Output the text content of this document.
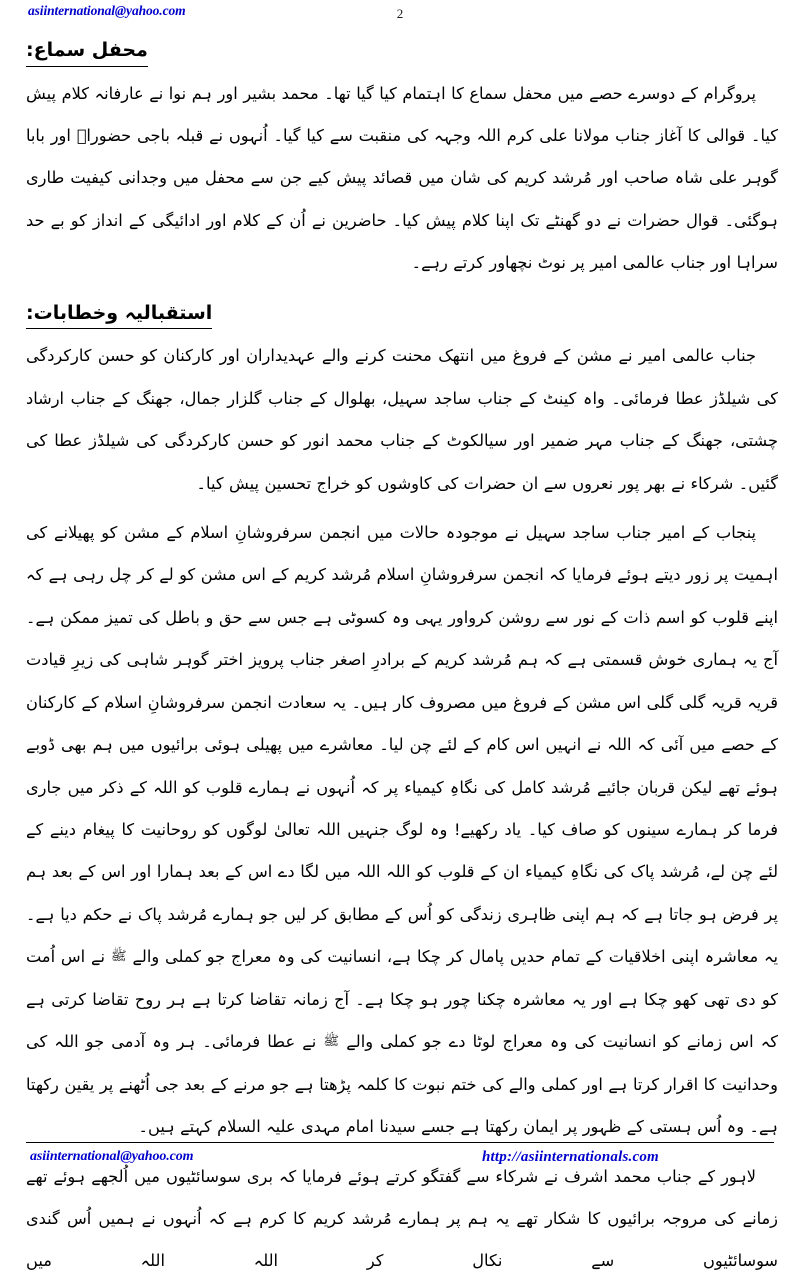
asiinternational@yahoo.com	2
محفل سماع:

پروگرام کے دوسرے حصے میں محفل سماع کا اہتمام کیا گیا تھا۔ محمد بشیر اور ہم نوا نے عارفانہ کلام پیش کیا۔ قوالی کا آغاز جناب مولانا علی کرم اللہ وجہہ کی منقبت سے کیا گیا۔ اُنہوں نے قبلہ باجی حضوراؐ اور بابا گوہر علی شاہ صاحب اور مُرشد کریم کی شان میں قصائد پیش کیے جن سے محفل میں وجدانی کیفیت طاری ہوگئی۔ قوال حضرات نے دو گھنٹے تک اپنا کلام پیش کیا۔ حاضرین نے اُن کے کلام اور ادائیگی کے انداز کو بے حد سراہا اور جناب عالمی امیر پر نوٹ نچھاور کرتے رہے۔

استقبالیہ وخطابات:

جناب عالمی امیر نے مشن کے فروغ میں انتھک محنت کرنے والے عہدیداران اور کارکنان کو حسن کارکردگی کی شیلڈز عطا فرمائی۔ واہ کینٹ کے جناب ساجد سہیل، بھلوال کے جناب گلزار جمال، جھنگ کے جناب ارشاد چشتی، جھنگ کے جناب مہر ضمیر اور سیالکوٹ کے جناب محمد انور کو حسن کارکردگی کی شیلڈز عطا کی گئیں۔ شرکاء نے بھر پور نعروں سے ان حضرات کی کاوشوں کو خراج تحسین پیش کیا۔

پنجاب کے امیر جناب ساجد سہیل نے موجودہ حالات میں انجمن سرفروشانِ اسلام کے مشن کو پھیلانے کی اہمیت پر زور دیتے ہوئے فرمایا کہ انجمن سرفروشانِ اسلام مُرشد کریم کے اس مشن کو لے کر چل رہی ہے کہ اپنے قلوب کو اسم ذات کے نور سے روشن کرواور یہی وہ کسوٹی ہے جس سے حق و باطل کی تمیز ممکن ہے۔ آج یہ ہماری خوش قسمتی ہے کہ ہم مُرشد کریم کے برادرِ اصغر جناب پرویز اختر گوہر شاہی کی زیرِ قیادت قریہ قریہ گلی گلی اس مشن کے فروغ میں مصروف کار ہیں۔ یہ سعادت انجمن سرفروشانِ اسلام کے کارکنان کے حصے میں آئی کہ اللہ نے انہیں اس کام کے لئے چن لیا۔ معاشرے میں پھیلی ہوئی برائیوں میں ہم بھی ڈوبے ہوئے تھے لیکن قربان جائیے مُرشد کامل کی نگاہِ کیمیاء پر کہ اُنہوں نے ہمارے قلوب کو اللہ کے ذکر میں جاری فرما کر ہمارے سینوں کو صاف کیا۔ یاد رکھیے! وہ لوگ جنہیں اللہ تعالیٰ لوگوں کو روحانیت کا پیغام دینے کے لئے چن لے، مُرشد پاک کی نگاہِ کیمیاء ان کے قلوب کو اللہ اللہ میں لگا دے اس کے بعد ہمارا اور اس کے بعد ہم پر فرض ہو جاتا ہے کہ ہم اپنی ظاہری زندگی کو اُس کے مطابق کر لیں جو ہمارے مُرشد پاک نے حکم دیا ہے۔ یہ معاشرہ اپنی اخلاقیات کے تمام حدیں پامال کر چکا ہے، انسانیت کی وہ معراج جو کملی والے ﷺ نے اس اُمت کو دی تھی کھو چکا ہے اور یہ معاشرہ چکنا چور ہو چکا ہے۔ آج زمانہ تقاضا کرتا ہے ہر روح تقاضا کرتی ہے کہ اس زمانے کو انسانیت کی وہ معراج لوٹا دے جو کملی والے ﷺ نے عطا فرمائی۔ ہر وہ آدمی جو اللہ کی وحدانیت کا اقرار کرتا ہے اور کملی والے کی ختم نبوت کا کلمہ پڑھتا ہے جو مرنے کے بعد جی اُٹھنے پر یقین رکھتا ہے۔ وہ اُس ہستی کے ظہور پر ایمان رکھتا ہے جسے سیدنا امام مہدی علیہ السلام کہتے ہیں۔

لاہور کے جناب محمد اشرف نے شرکاء سے گفتگو کرتے ہوئے فرمایا کہ بری سوسائٹیوں میں اُلجھے ہوئے تھے زمانے کی مروجہ برائیوں کا شکار تھے یہ ہم پر ہمارے مُرشد کریم کا کرم ہے کہ اُنہوں نے ہمیں اُس گندی سوسائٹیوں سے نکال کر اللہ اللہ میں

asiinternational@yahoo.com	http://asiinternationals.com
